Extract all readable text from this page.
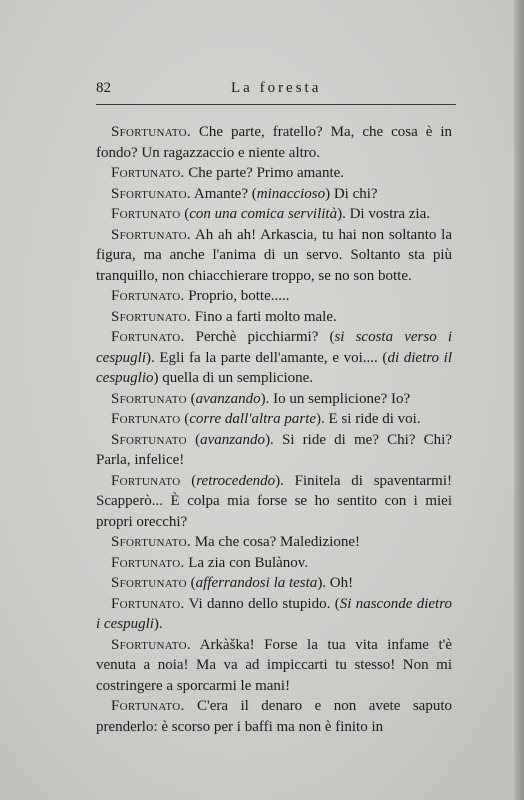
82	La foresta

Sfortunato. Che parte, fratello? Ma, che cosa è in fondo? Un ragazzaccio e niente altro.

Fortunato. Che parte? Primo amante.

Sfortunato. Amante? (minaccioso) Di chi?

Fortunato (con una comica servilità). Di vostra zia.

Sfortunato. Ah ah ah! Arkascia, tu hai non soltanto la figura, ma anche l'anima di un servo. Soltanto sta più tranquillo, non chiacchierare troppo, se no son botte.

Fortunato. Proprio, botte.....

Sfortunato. Fino a farti molto male.

Fortunato. Perchè picchiarmi? (si scosta verso i cespugli). Egli fa la parte dell'amante, e voi.... (di dietro il cespuglio) quella di un semplicione.

Sfortunato (avanzando). Io un semplicione? Io?

Fortunato (corre dall'altra parte). E si ride di voi.

Sfortunato (avanzando). Si ride di me? Chi? Chi? Parla, infelice!

Fortunato (retrocedendo). Finitela di spaventarmi! Scapperò... È colpa mia forse se ho sentito con i miei propri orecchi?

Sfortunato. Ma che cosa? Maledizione!

Fortunato. La zia con Bulànov.

Sfortunato (afferrandosi la testa). Oh!

Fortunato. Vi danno dello stupido. (Si nasconde dietro i cespugli).

Sfortunato. Arkàška! Forse la tua vita infame t'è venuta a noia! Ma va ad impiccarti tu stesso! Non mi costringere a sporcarmi le mani!

Fortunato. C'era il denaro e non avete saputo prenderlo: è scorso per i baffi ma non è finito in
